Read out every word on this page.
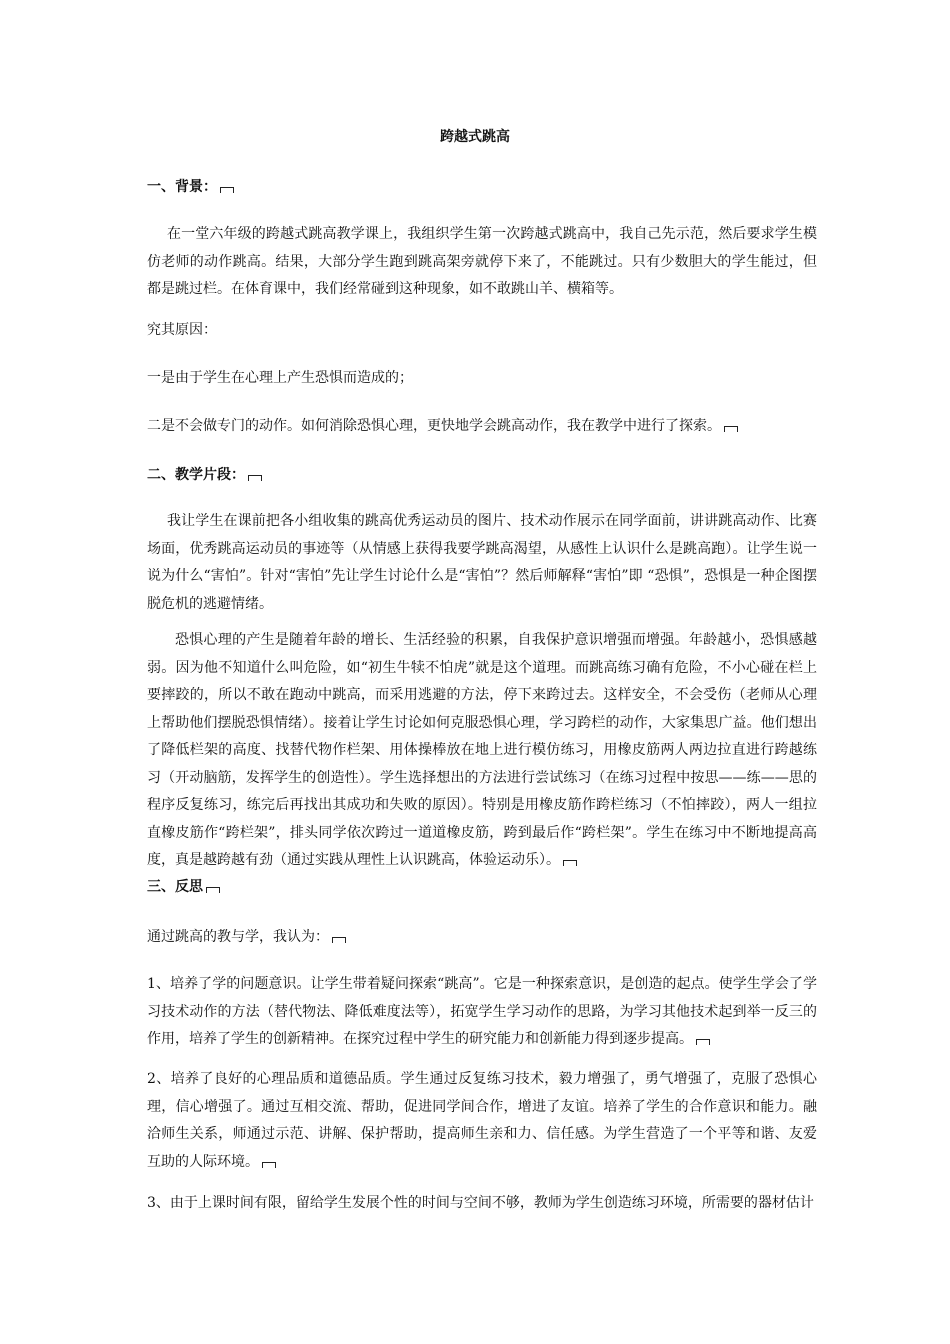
跨越式跳高
一、背景：

在一堂六年级的跨越式跳高教学课上，我组织学生第一次跨越式跳高中，我自己先示范，然后要求学生模仿老师的动作跳高。结果，大部分学生跑到跳高架旁就停下来了，不能跳过。只有少数胆大的学生能过，但都是跳过栏。在体育课中，我们经常碰到这种现象，如不敢跳山羊、横箱等。

究其原因：

一是由于学生在心理上产生恐惧而造成的；

二是不会做专门的动作。如何消除恐惧心理，更快地学会跳高动作，我在教学中进行了探索。
二、教学片段：

我让学生在课前把各小组收集的跳高优秀运动员的图片、技术动作展示在同学面前，讲讲跳高动作、比赛场面，优秀跳高运动员的事迹等（从情感上获得我要学跳高渴望，从感性上认识什么是跳高跑）。让学生说一说为什么“害怕”。针对“害怕”先让学生讨论什么是“害怕”？然后师解释“害怕”即 “恐惧”，恐惧是一种企图摆脱危机的逃避情绪。

恐惧心理的产生是随着年龄的增长、生活经验的积累，自我保护意识增强而增强。年龄越小，恐惧感越弱。因为他不知道什么叫危险，如“初生牛犊不怕虎”就是这个道理。而跳高练习确有危险，不小心碰在栏上要摔跤的，所以不敢在跑动中跳高，而采用逃避的方法，停下来跨过去。这样安全，不会受伤（老师从心理上帮助他们摆脱恐惧情绪）。接着让学生讨论如何克服恐惧心理，学习跨栏的动作，大家集思广益。他们想出了降低栏架的高度、找替代物作栏架、用体操棒放在地上进行模仿练习，用橡皮筋两人两边拉直进行跨越练习（开动脑筋，发挥学生的创造性）。学生选择想出的方法进行尝试练习（在练习过程中按思——练——思的程序反复练习，练完后再找出其成功和失败的原因）。特别是用橡皮筋作跨栏练习（不怕摔跤），两人一组拉直橡皮筋作“跨栏架”，排头同学依次跨过一道道橡皮筋，跨到最后作“跨栏架”。学生在练习中不断地提高高度，真是越跨越有劲（通过实践从理性上认识跳高，体验运动乐）。
三、反思
通过跳高的教与学，我认为：
1、培养了学的问题意识。让学生带着疑问探索“跳高”。它是一种探索意识，是创造的起点。使学生学会了学习技术动作的方法（替代物法、降低难度法等），拓宽学生学习动作的思路，为学习其他技术起到举一反三的作用，培养了学生的创新精神。在探究过程中学生的研究能力和创新能力得到逐步提高。
2、培养了良好的心理品质和道德品质。学生通过反复练习技术，毅力增强了，勇气增强了，克服了恐惧心理，信心增强了。通过互相交流、帮助，促进同学间合作，增进了友谊。培养了学生的合作意识和能力。融洽师生关系，师通过示范、讲解、保护帮助，提高师生亲和力、信任感。为学生营造了一个平等和谐、友爱互助的人际环境。

3、由于上课时间有限，留给学生发展个性的时间与空间不够，教师为学生创造练习环境，所需要的器材估计
